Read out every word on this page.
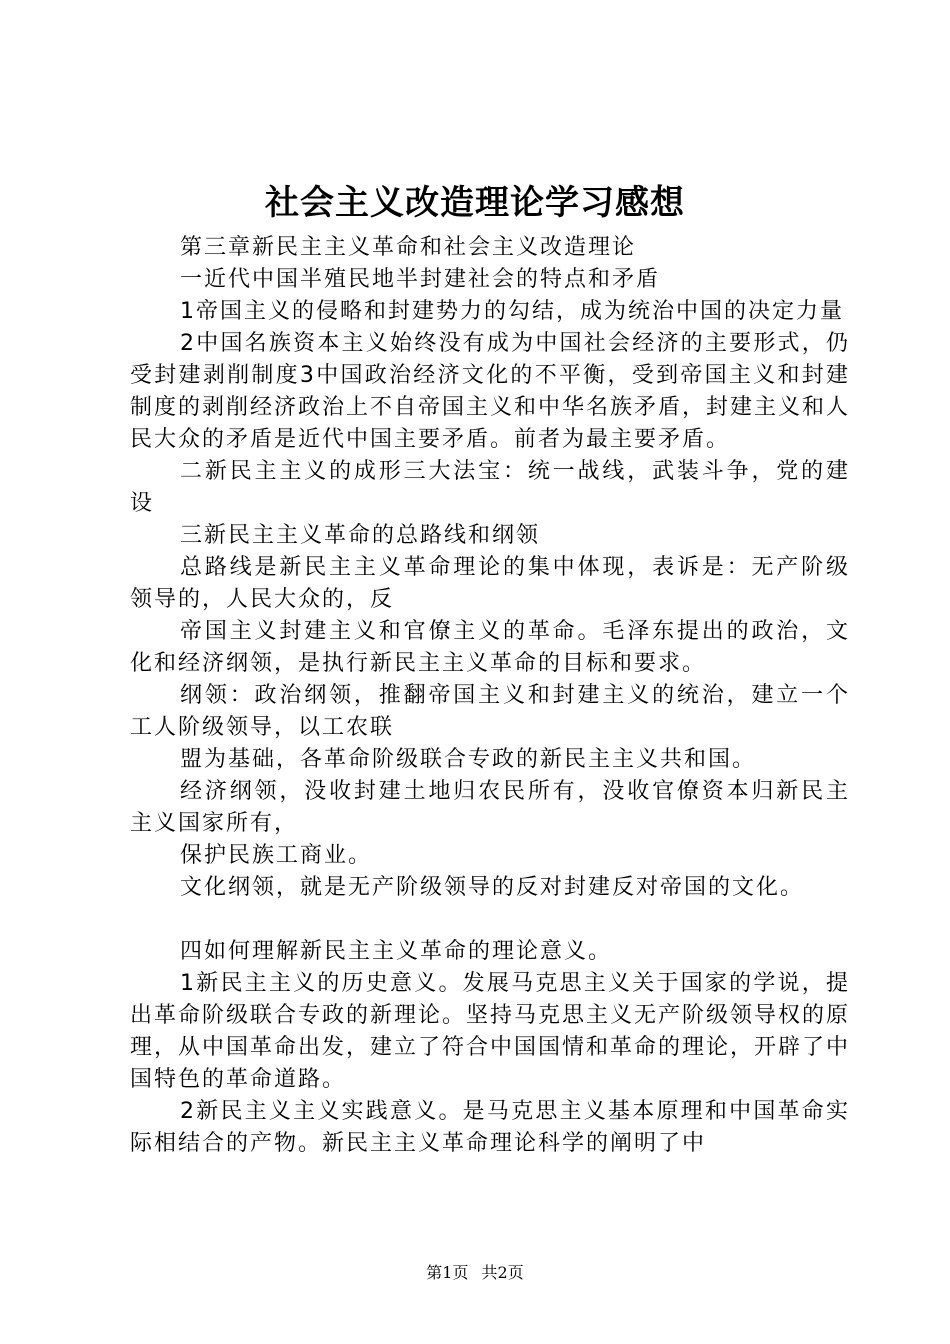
社会主义改造理论学习感想

第三章新民主主义革命和社会主义改造理论

一近代中国半殖民地半封建社会的特点和矛盾

1帝国主义的侵略和封建势力的勾结，成为统治中国的决定力量

2中国名族资本主义始终没有成为中国社会经济的主要形式，仍受封建剥削制度3中国政治经济文化的不平衡，受到帝国主义和封建制度的剥削经济政治上不自帝国主义和中华名族矛盾，封建主义和人民大众的矛盾是近代中国主要矛盾。前者为最主要矛盾。

二新民主主义的成形三大法宝：统一战线，武装斗争，党的建设

三新民主主义革命的总路线和纲领

总路线是新民主主义革命理论的集中体现，表诉是：无产阶级领导的，人民大众的，反

帝国主义封建主义和官僚主义的革命。毛泽东提出的政治，文化和经济纲领，是执行新民主主义革命的目标和要求。

纲领：政治纲领，推翻帝国主义和封建主义的统治，建立一个工人阶级领导，以工农联

盟为基础，各革命阶级联合专政的新民主主义共和国。

经济纲领，没收封建土地归农民所有，没收官僚资本归新民主主义国家所有，

保护民族工商业。

文化纲领，就是无产阶级领导的反对封建反对帝国的文化。

四如何理解新民主主义革命的理论意义。

1新民主主义的历史意义。发展马克思主义关于国家的学说，提出革命阶级联合专政的新理论。坚持马克思主义无产阶级领导权的原理，从中国革命出发，建立了符合中国国情和革命的理论，开辟了中国特色的革命道路。

2新民主义主义实践意义。是马克思主义基本原理和中国革命实际相结合的产物。新民主主义革命理论科学的阐明了中

第1页 共2页
